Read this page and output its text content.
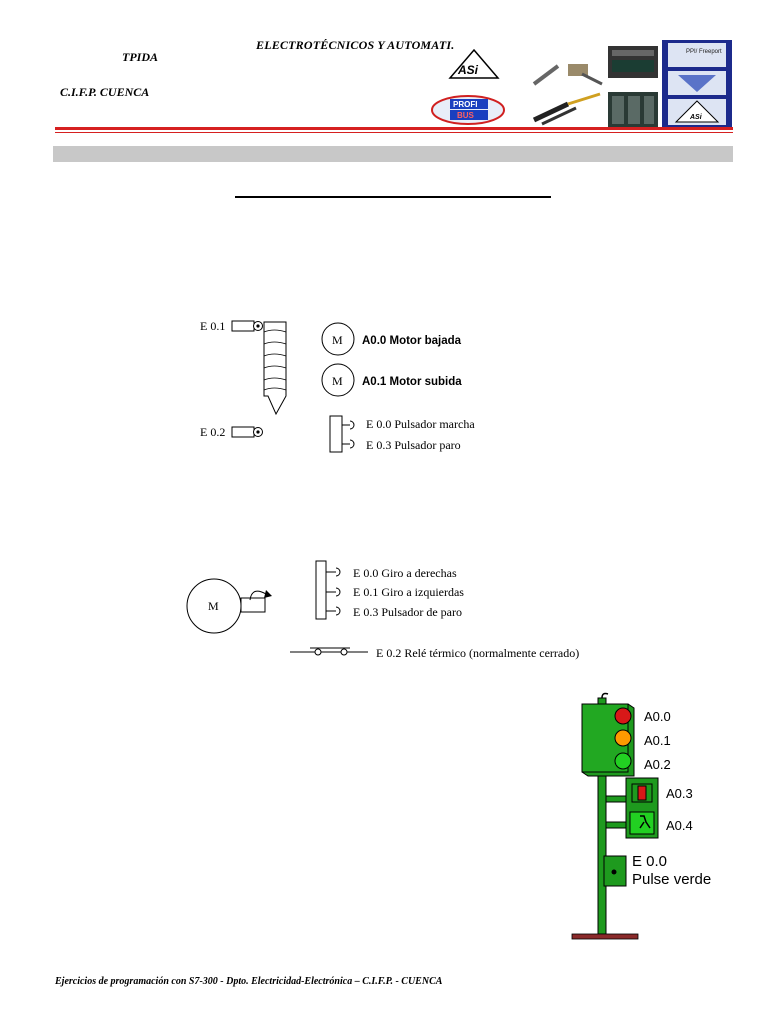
ELECTROTÉCNICOS Y AUTOMATI.
TPIDA
C.I.F.P. CUENCA
ASi
PROFI
BUS
PPI/ Freeport
ASi
E 0.1
E 0.2
M A0.0 Motor bajada
M A0.1 Motor subida
E 0.0 Pulsador marcha
E 0.3 Pulsador paro
M
E 0.0 Giro a derechas
E 0.1 Giro a izquierdas
E 0.3 Pulsador de paro
E 0.2 Relé térmico (normalmente cerrado)
A0.0
A0.1
A0.2
A0.3
A0.4
E 0.0
Pulse verde
Ejercicios de programación con S7-300 - Dpto. Electricidad-Electrónica – C.I.F.P. - CUENCA
